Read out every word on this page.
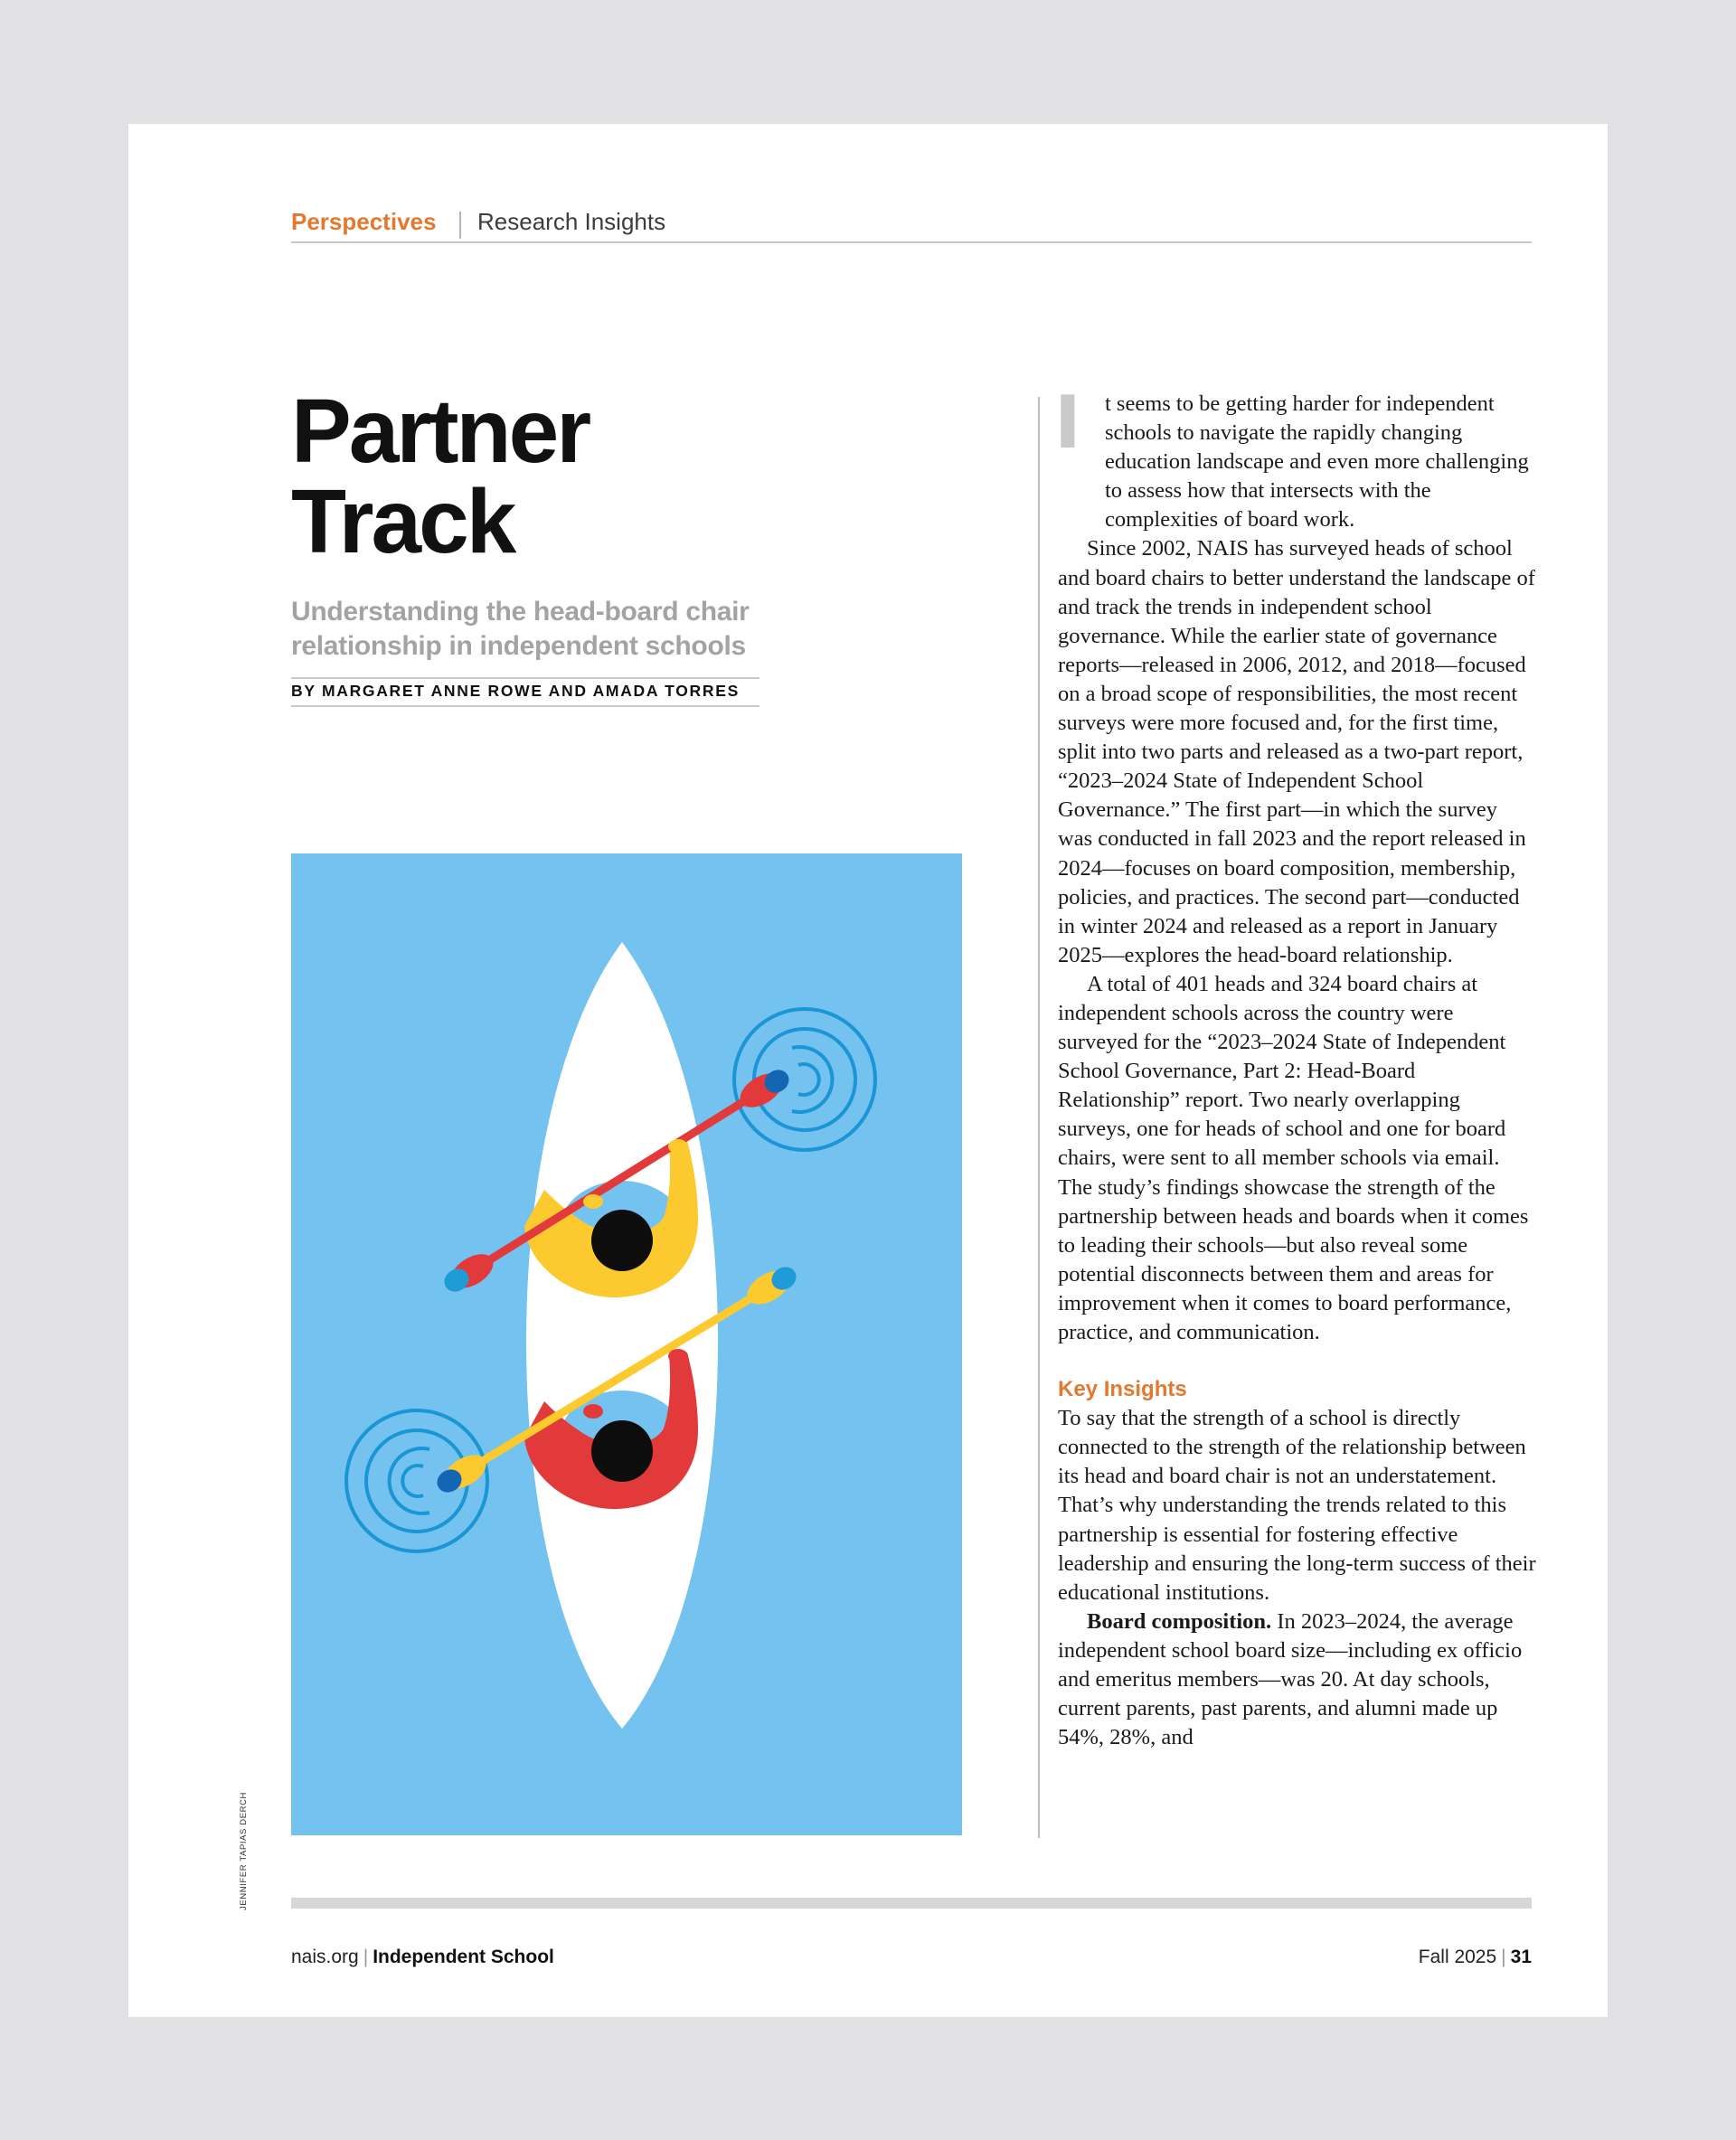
Perspectives Research Insights
Partner
Track
Understanding the head-board chair relationship in independent schools
BY MARGARET ANNE ROWE AND AMADA TORRES
JENNIFER TAPIAS DERCH
I	t seems to be getting harder for independent schools to navigate the rapidly changing education landscape and even more challenging to assess how that intersects with the complexities of board work.

Since 2002, NAIS has surveyed heads of school and board chairs to better understand the landscape of and track the trends in independent school governance. While the earlier state of governance reports—released in 2006, 2012, and 2018—focused on a broad scope of responsibilities, the most recent surveys were more focused and, for the first time, split into two parts and released as a two-part report, “2023–2024 State of Independent School Governance.” The first part—in which the survey was conducted in fall 2023 and the report released in 2024—focuses on board composition, membership, policies, and practices. The second part—conducted in winter 2024 and released as a report in January 2025—explores the head-board relationship.

A total of 401 heads and 324 board chairs at independent schools across the country were surveyed for the “2023–2024 State of Independent School Governance, Part 2: Head-Board Relationship” report. Two nearly overlapping surveys, one for heads of school and one for board chairs, were sent to all member schools via email. The study’s findings showcase the strength of the partnership between heads and boards when it comes to leading their schools—but also reveal some potential disconnects between them and areas for improvement when it comes to board performance, practice, and communication.

Key Insights

To say that the strength of a school is directly connected to the strength of the relationship between its head and board chair is not an understatement. That’s why understanding the trends related to this partnership is essential for fostering effective leadership and ensuring the long-term success of their educational institutions.

Board composition. In 2023–2024, the average independent school board size—including ex officio and emeritus members—was 20. At day schools, current parents, past parents, and alumni made up 54%, 28%, and

nais.org | Independent School	Fall 2025 | 31
